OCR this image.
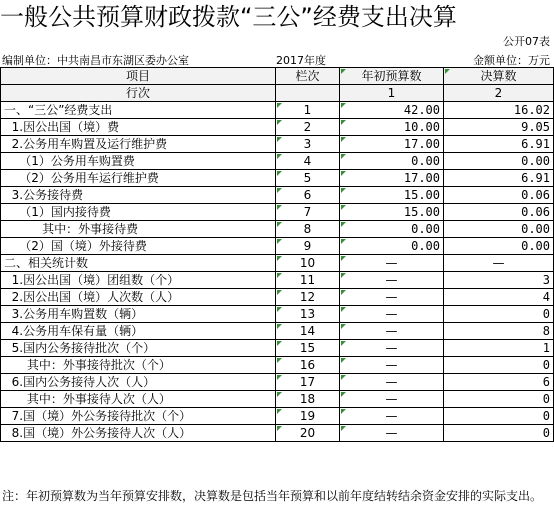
一般公共预算财政拨款“三公”经费支出决算
公开07表
编制单位：中共南昌市东湖区委办公室	2017年度	金额单位：万元
项目	栏次	年初预算数	决算数
行次		1	2
一、“三公”经费支出	1	42.00	16.02
1.因公出国（境）费	2	10.00	9.05
2.公务用车购置及运行维护费	3	17.00	6.91
（1）公务用车购置费	4	0.00	0.00
（2）公务用车运行维护费	5	17.00	6.91
3.公务接待费	6	15.00	0.06
（1）国内接待费	7	15.00	0.06
其中：外事接待费	8	0.00	0.00
（2）国（境）外接待费	9	0.00	0.00
二、相关统计数	10	—	—
1.因公出国（境）团组数（个）	11	—	3
2.因公出国（境）人次数（人）	12	—	4
3.公务用车购置数（辆）	13	—	0
4.公务用车保有量（辆）	14	—	8
5.国内公务接待批次（个）	15	—	1
其中：外事接待批次（个）	16	—	0
6.国内公务接待人次（人）	17	—	6
其中：外事接待人次（人）	18	—	0
7.国（境）外公务接待批次（个）	19	—	0
8.国（境）外公务接待人次（人）	20	—	0
注：年初预算数为当年预算安排数，决算数是包括当年预算和以前年度结转结余资金安排的实际支出。
